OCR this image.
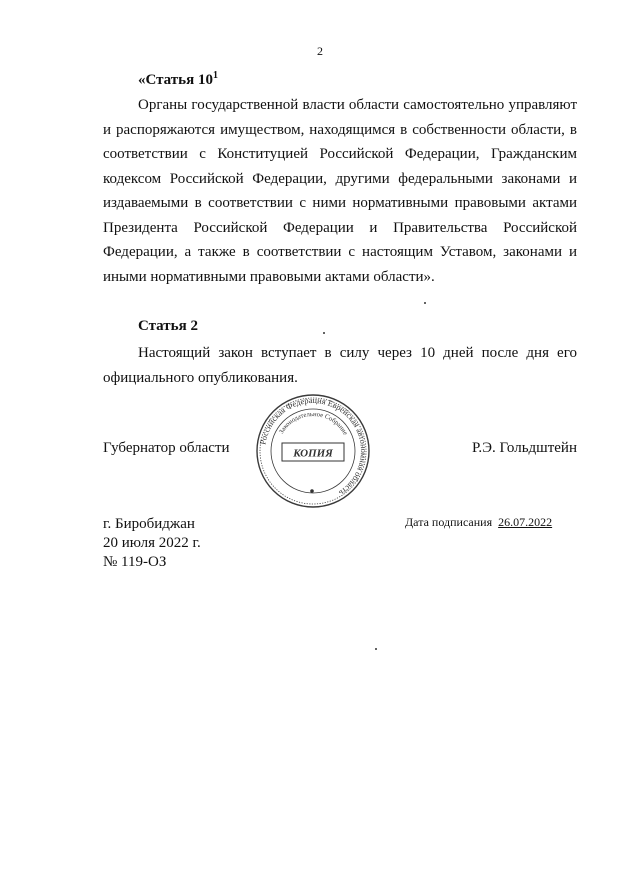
2
«Статья $10^1$

Органы государственной власти области самостоятельно управляют и распоряжаются имуществом, находящимся в собственности области, в соответствии с Конституцией Российской Федерации, Гражданским кодексом Российской Федерации, другими федеральными законами и издаваемыми в соответствии с ними нормативными правовыми актами Президента Российской Федерации и Правительства Российской Федерации, а также в соответствии с настоящим Уставом, законами и иными нормативными правовыми актами области».

Статья 2

Настоящий закон вступает в силу через 10 дней после дня его официального опубликования.

Российская Федерация Еврейская автономная область
Законодательное Собрание
КОПИЯ
Губернатор области	Р.Э. Гольдштейн
г. Биробиджан
20 июля 2022 г.
№ 119-ОЗ
Дата подписания 26.07.2022
